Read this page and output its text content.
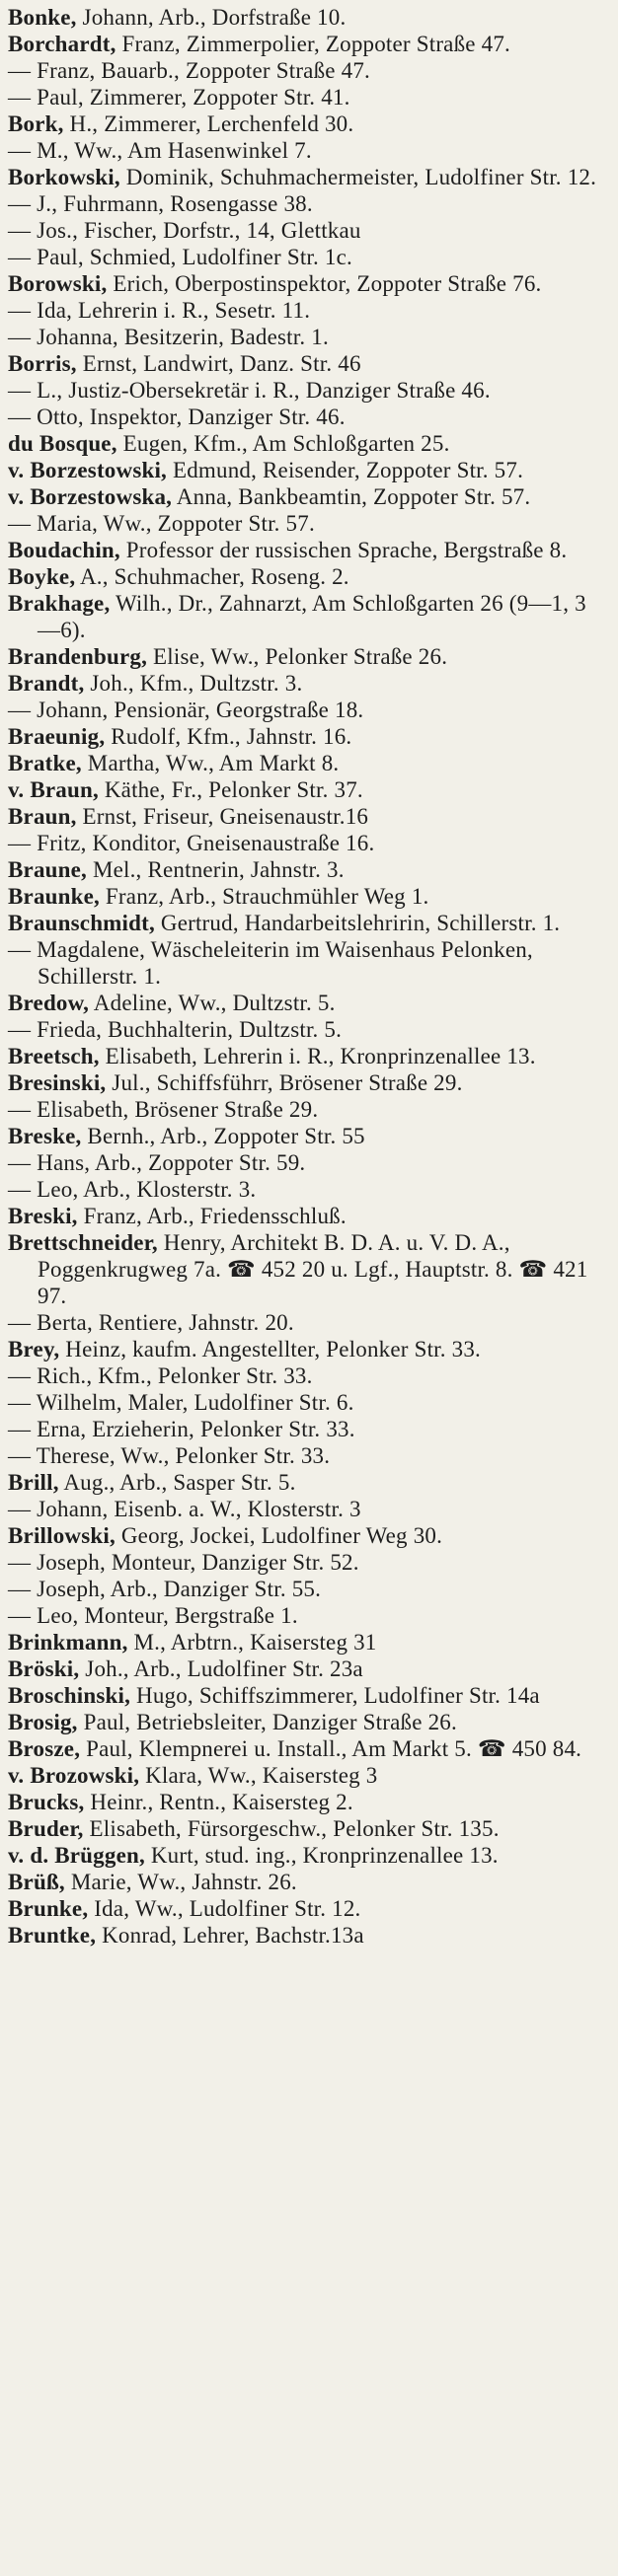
Bonke, Johann, Arb., Dorfstraße 10.

Borchardt, Franz, Zimmerpolier, Zoppoter Straße 47.

— Franz, Bauarb., Zoppoter Straße 47.

— Paul, Zimmerer, Zoppoter Str. 41.

Bork, H., Zimmerer, Lerchenfeld 30.

— M., Ww., Am Hasenwinkel 7.

Borkowski, Dominik, Schuhmachermeister, Ludolfiner Str. 12.

— J., Fuhrmann, Rosengasse 38.

— Jos., Fischer, Dorfstr., 14, Glettkau

— Paul, Schmied, Ludolfiner Str. 1c.

Borowski, Erich, Oberpostinspektor, Zoppoter Straße 76.

— Ida, Lehrerin i. R., Sesetr. 11.

— Johanna, Besitzerin, Badestr. 1.

Borris, Ernst, Landwirt, Danz. Str. 46

— L., Justiz-Obersekretär i. R., Danziger Straße 46.

— Otto, Inspektor, Danziger Str. 46.

du Bosque, Eugen, Kfm., Am Schloßgarten 25.

v. Borzestowski, Edmund, Reisender, Zoppoter Str. 57.

v. Borzestowska, Anna, Bankbeamtin, Zoppoter Str. 57.

— Maria, Ww., Zoppoter Str. 57.

Boudachin, Professor der russischen Sprache, Bergstraße 8.

Boyke, A., Schuhmacher, Roseng. 2.

Brakhage, Wilh., Dr., Zahnarzt, Am Schloßgarten 26 (9—1, 3—6).

Brandenburg, Elise, Ww., Pelonker Straße 26.

Brandt, Joh., Kfm., Dultzstr. 3.

— Johann, Pensionär, Georgstraße 18.

Braeunig, Rudolf, Kfm., Jahnstr. 16.

Bratke, Martha, Ww., Am Markt 8.

v. Braun, Käthe, Fr., Pelonker Str. 37.

Braun, Ernst, Friseur, Gneisenaustr.16

— Fritz, Konditor, Gneisenaustraße 16.

Braune, Mel., Rentnerin, Jahnstr. 3.

Braunke, Franz, Arb., Strauchmühler Weg 1.

Braunschmidt, Gertrud, Handarbeitslehririn, Schillerstr. 1.

— Magdalene, Wäscheleiterin im Waisenhaus Pelonken, Schillerstr. 1.

Bredow, Adeline, Ww., Dultzstr. 5.

— Frieda, Buchhalterin, Dultzstr. 5.

Breetsch, Elisabeth, Lehrerin i. R., Kronprinzenallee 13.

Bresinski, Jul., Schiffsführr, Brösener Straße 29.

— Elisabeth, Brösener Straße 29.

Breske, Bernh., Arb., Zoppoter Str. 55

— Hans, Arb., Zoppoter Str. 59.

— Leo, Arb., Klosterstr. 3.

Breski, Franz, Arb., Friedensschluß.

Brettschneider, Henry, Architekt B. D. A. u. V. D. A., Poggenkrugweg 7a. ☎ 452 20 u. Lgf., Hauptstr. 8. ☎ 421 97.

— Berta, Rentiere, Jahnstr. 20.

Brey, Heinz, kaufm. Angestellter, Pelonker Str. 33.

— Rich., Kfm., Pelonker Str. 33.

— Wilhelm, Maler, Ludolfiner Str. 6.

— Erna, Erzieherin, Pelonker Str. 33.

— Therese, Ww., Pelonker Str. 33.

Brill, Aug., Arb., Sasper Str. 5.

— Johann, Eisenb. a. W., Klosterstr. 3

Brillowski, Georg, Jockei, Ludolfiner Weg 30.

— Joseph, Monteur, Danziger Str. 52.

— Joseph, Arb., Danziger Str. 55.

— Leo, Monteur, Bergstraße 1.

Brinkmann, M., Arbtrn., Kaisersteg 31

Bröski, Joh., Arb., Ludolfiner Str. 23a

Broschinski, Hugo, Schiffszimmerer, Ludolfiner Str. 14a

Brosig, Paul, Betriebsleiter, Danziger Straße 26.

Brosze, Paul, Klempnerei u. Install., Am Markt 5. ☎ 450 84.

v. Brozowski, Klara, Ww., Kaisersteg 3

Brucks, Heinr., Rentn., Kaisersteg 2.

Bruder, Elisabeth, Fürsorgeschw., Pelonker Str. 135.

v. d. Brüggen, Kurt, stud. ing., Kronprinzenallee 13.

Brüß, Marie, Ww., Jahnstr. 26.

Brunke, Ida, Ww., Ludolfiner Str. 12.

Bruntke, Konrad, Lehrer, Bachstr.13a
